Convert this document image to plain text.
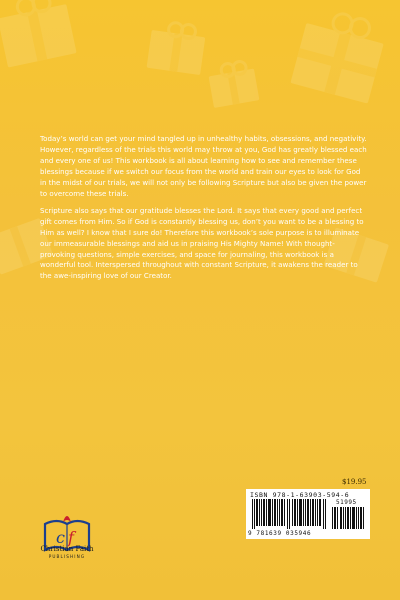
Today’s world can get your mind tangled up in unhealthy habits, obsessions, and negativity. However, regardless of the trials this world may throw at you, God has greatly blessed each and every one of us! This workbook is all about learning how to see and remember these blessings because if we switch our focus from the world and train our eyes to look for God in the midst of our trials, we will not only be following Scripture but also be given the power to overcome these trials.

Scripture also says that our gratitude blesses the Lord. It says that every good and perfect gift comes from Him. So if God is constantly blessing us, don’t you want to be a blessing to Him as well? I know that I sure do! Therefore this workbook’s sole purpose is to illuminate our immeasurable blessings and aid us in praising His Mighty Name! With thought-provoking questions, simple exercises, and space for journaling, this workbook is a wonderful tool. Interspersed throughout with constant Scripture, it awakens the reader to the awe-inspiring love of our Creator.

$19.95
ISBN 978-1-63903-594-6
51995
9 781639 035946
c f
Christian Faith
PUBLISHING
